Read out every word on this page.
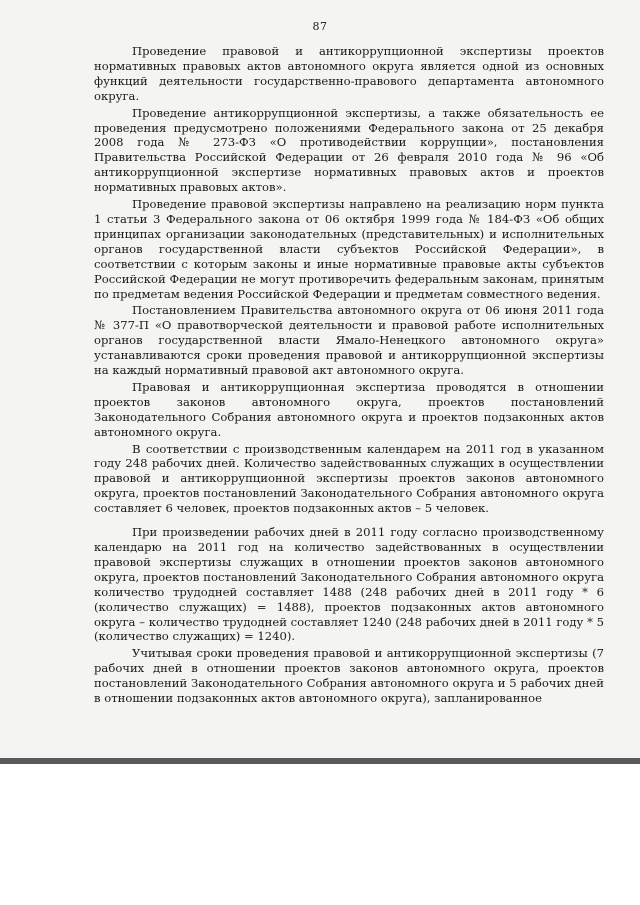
87

Проведение правовой и антикоррупционной экспертизы проектов нормативных правовых актов автономного округа является одной из основных функций деятельности государственно-правового департамента автономного округа.

Проведение антикоррупционной экспертизы, а также обязательность ее проведения предусмотрено положениями Федерального закона от 25 декабря 2008 года № 273-ФЗ «О противодействии коррупции», постановления Правительства Российской Федерации от 26 февраля 2010 года № 96 «Об антикоррупционной экспертизе нормативных правовых актов и проектов нормативных правовых актов».

Проведение правовой экспертизы направлено на реализацию норм пункта 1 статьи 3 Федерального закона от 06 октября 1999 года № 184-ФЗ «Об общих принципах организации законодательных (представительных) и исполнительных органов государственной власти субъектов Российской Федерации», в соответствии с которым законы и иные нормативные правовые акты субъектов Российской Федерации не могут противоречить федеральным законам, принятым по предметам ведения Российской Федерации и предметам совместного ведения.

Постановлением Правительства автономного округа от 06 июня 2011 года № 377-П «О правотворческой деятельности и правовой работе исполнительных органов государственной власти Ямало-Ненецкого автономного округа» устанавливаются сроки проведения правовой и антикоррупционной экспертизы на каждый нормативный правовой акт автономного округа.

Правовая и антикоррупционная экспертиза проводятся в отношении проектов законов автономного округа, проектов постановлений Законодательного Собрания автономного округа и проектов подзаконных актов автономного округа.

В соответствии с производственным календарем на 2011 год в указанном году 248 рабочих дней. Количество задействованных служащих в осуществлении правовой и антикоррупционной экспертизы проектов законов автономного округа, проектов постановлений Законодательного Собрания автономного округа составляет 6 человек, проектов подзаконных актов – 5 человек.

При произведении рабочих дней в 2011 году согласно производственному календарю на 2011 год на количество задействованных в осуществлении правовой экспертизы служащих в отношении проектов законов автономного округа, проектов постановлений Законодательного Собрания автономного округа количество трудодней составляет 1488 (248 рабочих дней в 2011 году * 6 (количество служащих) = 1488), проектов подзаконных актов автономного округа – количество трудодней составляет 1240 (248 рабочих дней в 2011 году * 5 (количество служащих) = 1240).

Учитывая сроки проведения правовой и антикоррупционной экспертизы (7 рабочих дней в отношении проектов законов автономного округа, проектов постановлений Законодательного Собрания автономного округа и 5 рабочих дней в отношении подзаконных актов автономного округа), запланированное
